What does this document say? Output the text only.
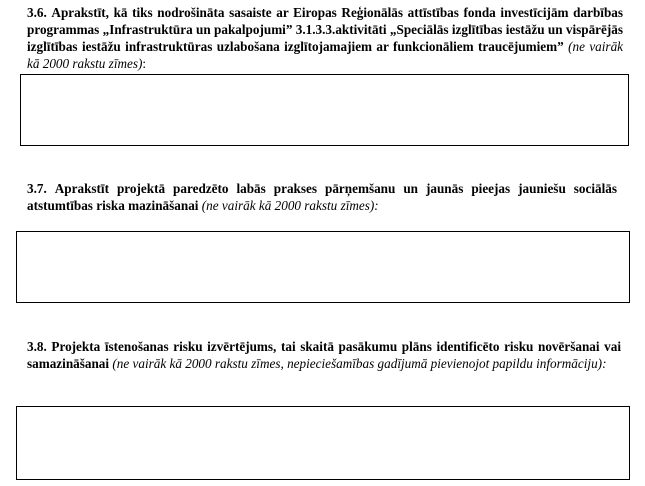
3.6. Aprakstīt, kā tiks nodrošināta sasaiste ar Eiropas Reģionālās attīstības fonda investīcijām darbības programmas „Infrastruktūra un pakalpojumi” 3.1.3.3.aktivitāti „Speciālās izglītības iestāžu un vispārējās izglītības iestāžu infrastruktūras uzlabošana izglītojamajiem ar funkcionāliem traucējumiem” (ne vairāk kā 2000 rakstu zīmes):
3.7. Aprakstīt projektā paredzēto labās prakses pārņemšanu un jaunās pieejas jauniešu sociālās atstumtības riska mazināšanai (ne vairāk kā 2000 rakstu zīmes):
3.8. Projekta īstenošanas risku izvērtējums, tai skaitā pasākumu plāns identificēto risku novēršanai vai samazināšanai (ne vairāk kā 2000 rakstu zīmes, nepieciešamības gadījumā pievienojot papildu informāciju):
